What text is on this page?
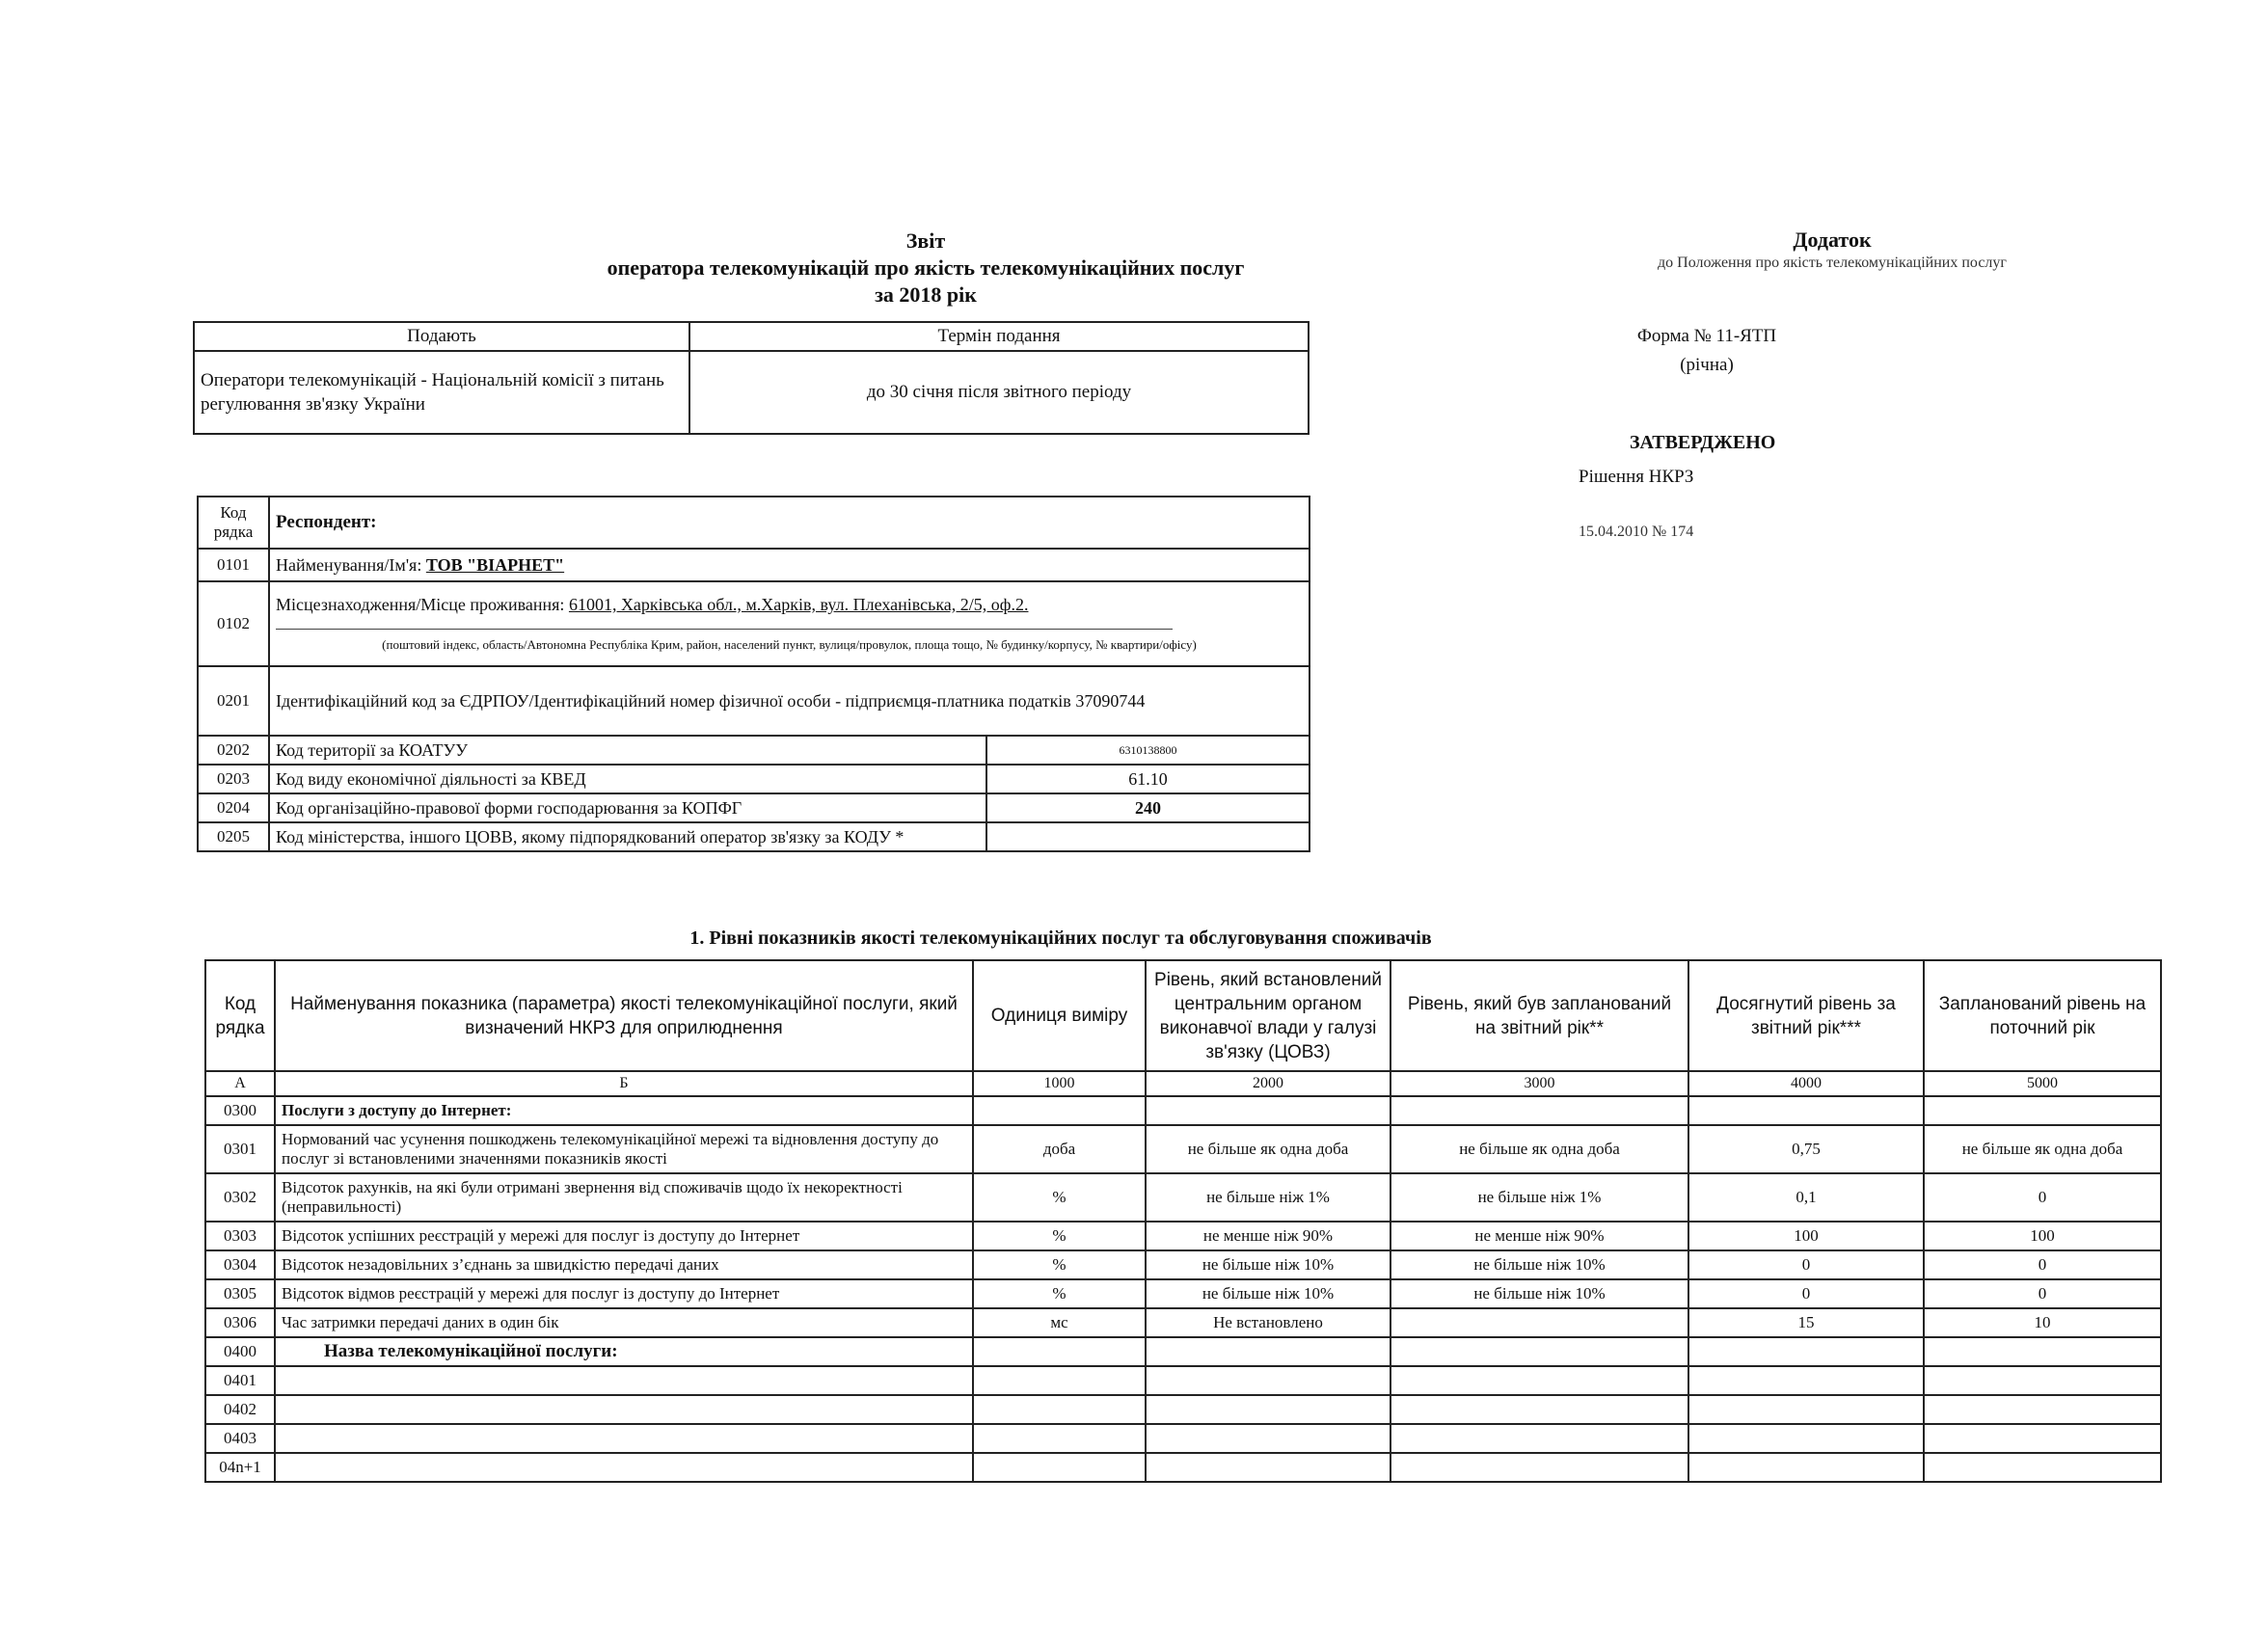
Звіт
оператора телекомунікацій про якість телекомунікаційних послуг
за 2018 рік
Додаток
до Положення про якість телекомунікаційних послуг
Форма № 11-ЯТП
(річна)
ЗАТВЕРДЖЕНО
Рішення НКРЗ
15.04.2010 № 174
Подають	Термін подання
Оператори телекомунікацій - Національній комісії з питань регулювання зв'язку України	до 30 січня після звітного періоду
Код рядка	Респондент:	
0101	Найменування/Ім'я: ТОВ "ВІАРНЕТ"	
0102	Місцезнаходження/Місце проживання: 61001, Харківська обл., м.Харків, вул. Плеханівська, 2/5, оф.2.
(поштовий індекс, область/Автономна Республіка Крим, район, населений пункт, вулиця/провулок, площа тощо, № будинку/корпусу, № квартири/офісу)	

0201	Ідентифікаційний код за ЄДРПОУ/Ідентифікаційний номер фізичної особи - підприємця-платника податків 37090744	
0202	Код території за КОАТУУ	6310138800
0203	Код виду економічної діяльності за КВЕД	61.10
0204	Код організаційно-правової форми господарювання за КОПФГ	240
0205	Код міністерства, іншого ЦОВВ, якому підпорядкований оператор зв'язку за КОДУ *	
1. Рівні показників якості телекомунікаційних послуг та обслуговування споживачів
Код рядка	Найменування показника (параметра) якості телекомунікаційної послуги, який визначений НКРЗ для оприлюднення	Одиниця виміру	Рівень, який встановлений центральним органом виконавчої влади у галузі зв'язку (ЦОВЗ)	Рівень, який був запланований на звітний рік**	Досягнутий рівень за звітний рік***	Запланований рівень на поточний рік
А	Б	1000	2000	3000	4000	5000
0300	Послуги з доступу до Інтернет:					
0301	Нормований час усунення пошкоджень телекомунікаційної мережі та відновлення доступу до послуг зі встановленими значеннями показників якості	доба	не більше як одна доба	не більше як одна доба	0,75	не більше як одна доба
0302	Відсоток рахунків, на які були отримані звернення від споживачів щодо їх некоректності (неправильності)	%	не більше ніж 1%	не більше ніж 1%	0,1	0
0303	Відсоток успішних реєстрацій у мережі для послуг із доступу до Інтернет	%	не менше ніж 90%	не менше ніж 90%	100	100
0304	Відсоток незадовільних з’єднань за швидкістю передачі даних	%	не більше ніж 10%	не більше ніж 10%	0	0
0305	Відсоток відмов реєстрацій у мережі для послуг із доступу до Інтернет	%	не більше ніж 10%	не більше ніж 10%	0	0
0306	Час затримки передачі даних в один бік	мс	Не встановлено		15	10
0400	Назва телекомунікаційної послуги:					
0401						
0402						
0403						
04n+1						
